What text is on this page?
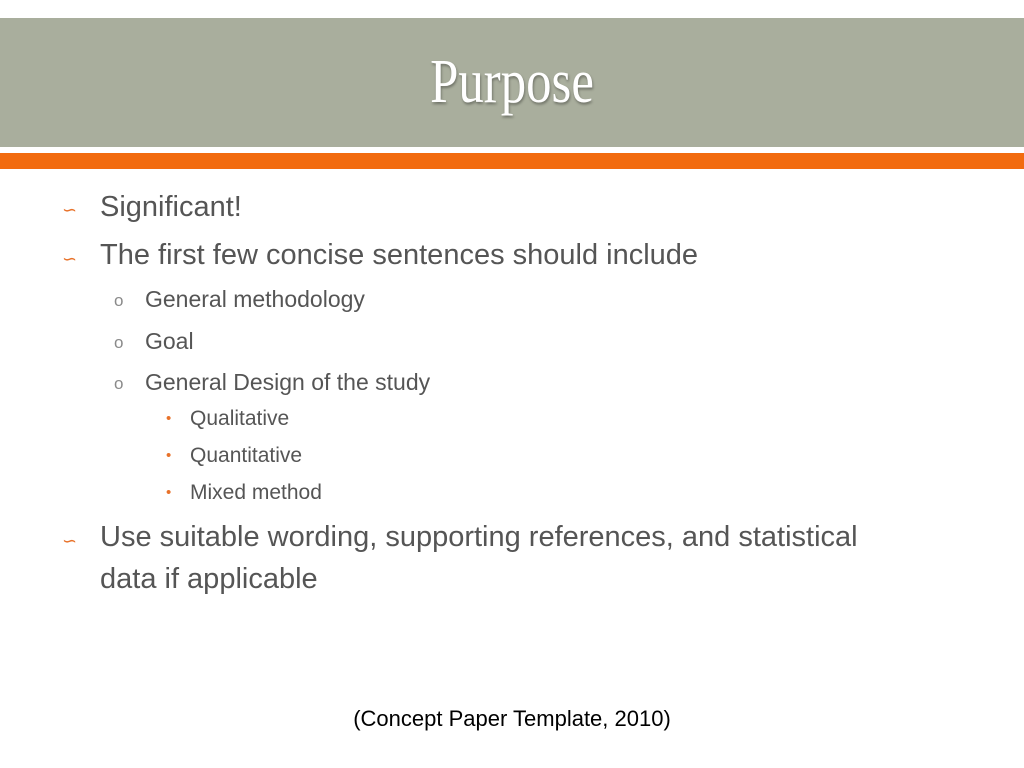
Purpose
∽ Significant!
∽ The first few concise sentences should include
o General methodology
o Goal
o General Design of the study
• Qualitative
• Quantitative
• Mixed method
∽ Use suitable wording, supporting references, and statistical
data if applicable
(Concept Paper Template, 2010)
